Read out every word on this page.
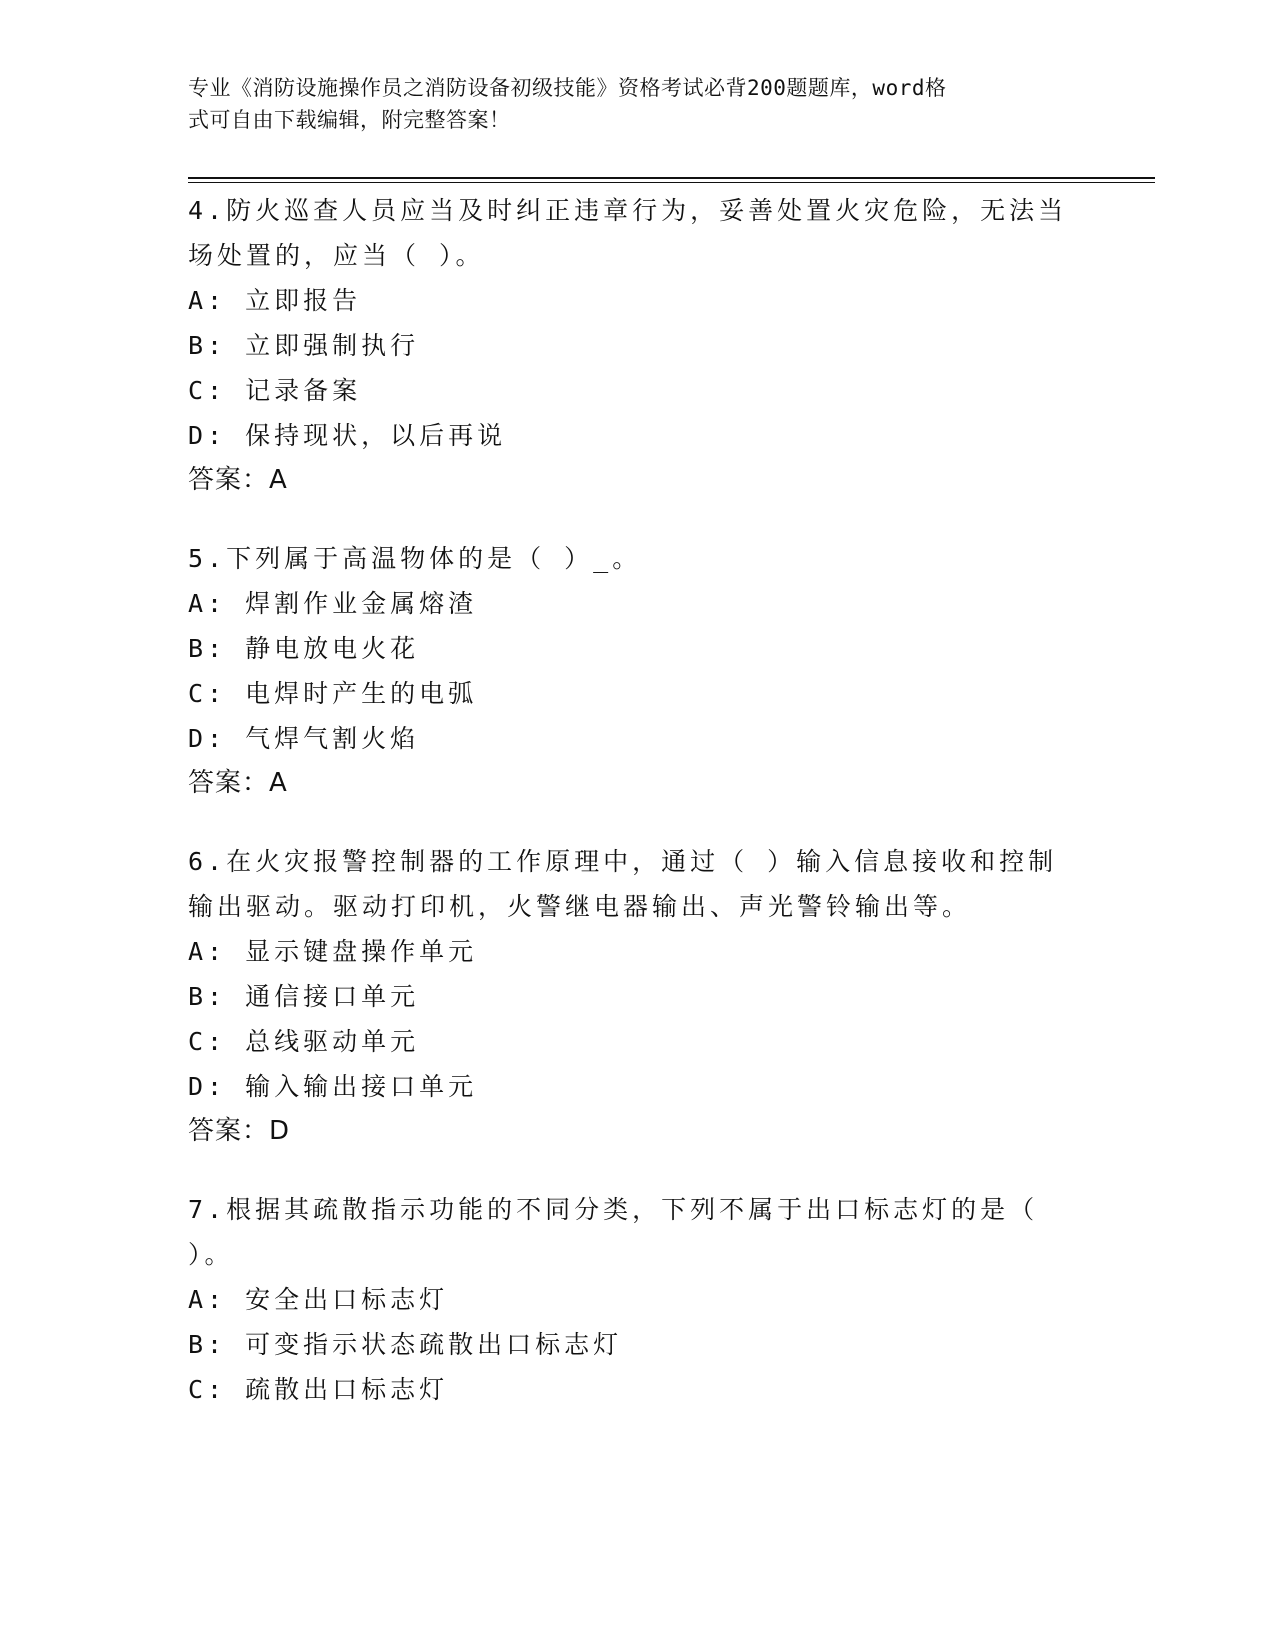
专业《消防设施操作员之消防设备初级技能》资格考试必背200题题库，word格
式可自由下载编辑，附完整答案！
4.防火巡查人员应当及时纠正违章行为，妥善处置火灾危险，无法当
场处置的，应当（ ）。
A: 立即报告
B: 立即强制执行
C: 记录备案
D: 保持现状，以后再说
答案：A
5.下列属于高温物体的是（ ）_。
A: 焊割作业金属熔渣
B: 静电放电火花
C: 电焊时产生的电弧
D: 气焊气割火焰
答案：A
6.在火灾报警控制器的工作原理中，通过（ ）输入信息接收和控制
输出驱动。驱动打印机，火警继电器输出、声光警铃输出等。
A: 显示键盘操作单元
B: 通信接口单元
C: 总线驱动单元
D: 输入输出接口单元
答案：D
7.根据其疏散指示功能的不同分类，下列不属于出口标志灯的是（
）。
A: 安全出口标志灯
B: 可变指示状态疏散出口标志灯
C: 疏散出口标志灯
